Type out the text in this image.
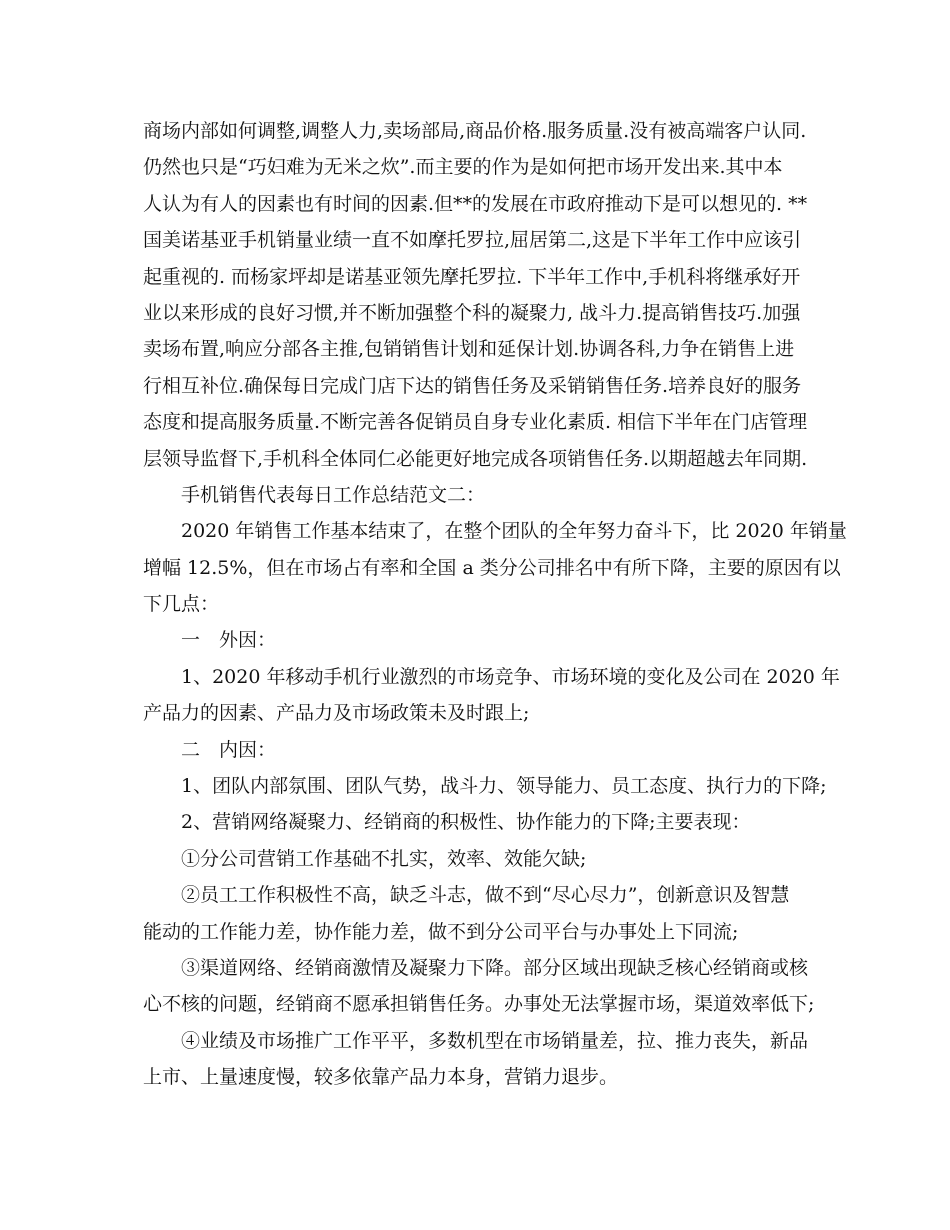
商场内部如何调整,调整人力,卖场部局,商品价格.服务质量.没有被高端客户认同.
仍然也只是“巧妇难为无米之炊”.而主要的作为是如何把市场开发出来.其中本
人认为有人的因素也有时间的因素.但**的发展在市政府推动下是可以想见的. **
国美诺基亚手机销量业绩一直不如摩托罗拉,屈居第二,这是下半年工作中应该引
起重视的. 而杨家坪却是诺基亚领先摩托罗拉. 下半年工作中,手机科将继承好开
业以来形成的良好习惯,并不断加强整个科的凝聚力, 战斗力.提高销售技巧.加强
卖场布置,响应分部各主推,包销销售计划和延保计划.协调各科,力争在销售上进
行相互补位.确保每日完成门店下达的销售任务及采销销售任务.培养良好的服务
态度和提高服务质量.不断完善各促销员自身专业化素质. 相信下半年在门店管理
层领导监督下,手机科全体同仁必能更好地完成各项销售任务.以期超越去年同期.
手机销售代表每日工作总结范文二：
2020 年销售工作基本结束了，在整个团队的全年努力奋斗下，比 2020 年销量
增幅 12.5%，但在市场占有率和全国 a 类分公司排名中有所下降，主要的原因有以
下几点：
一　外因：
1、2020 年移动手机行业激烈的市场竞争、市场环境的变化及公司在 2020 年
产品力的因素、产品力及市场政策未及时跟上;
二　内因：
1、团队内部氛围、团队气势，战斗力、领导能力、员工态度、执行力的下降;
2、营销网络凝聚力、经销商的积极性、协作能力的下降;主要表现：
①分公司营销工作基础不扎实，效率、效能欠缺;
②员工工作积极性不高，缺乏斗志，做不到“尽心尽力”，创新意识及智慧
能动的工作能力差，协作能力差，做不到分公司平台与办事处上下同流;
③渠道网络、经销商激情及凝聚力下降。部分区域出现缺乏核心经销商或核
心不核的问题，经销商不愿承担销售任务。办事处无法掌握市场，渠道效率低下;
④业绩及市场推广工作平平，多数机型在市场销量差，拉、推力丧失，新品
上市、上量速度慢，较多依靠产品力本身，营销力退步。
